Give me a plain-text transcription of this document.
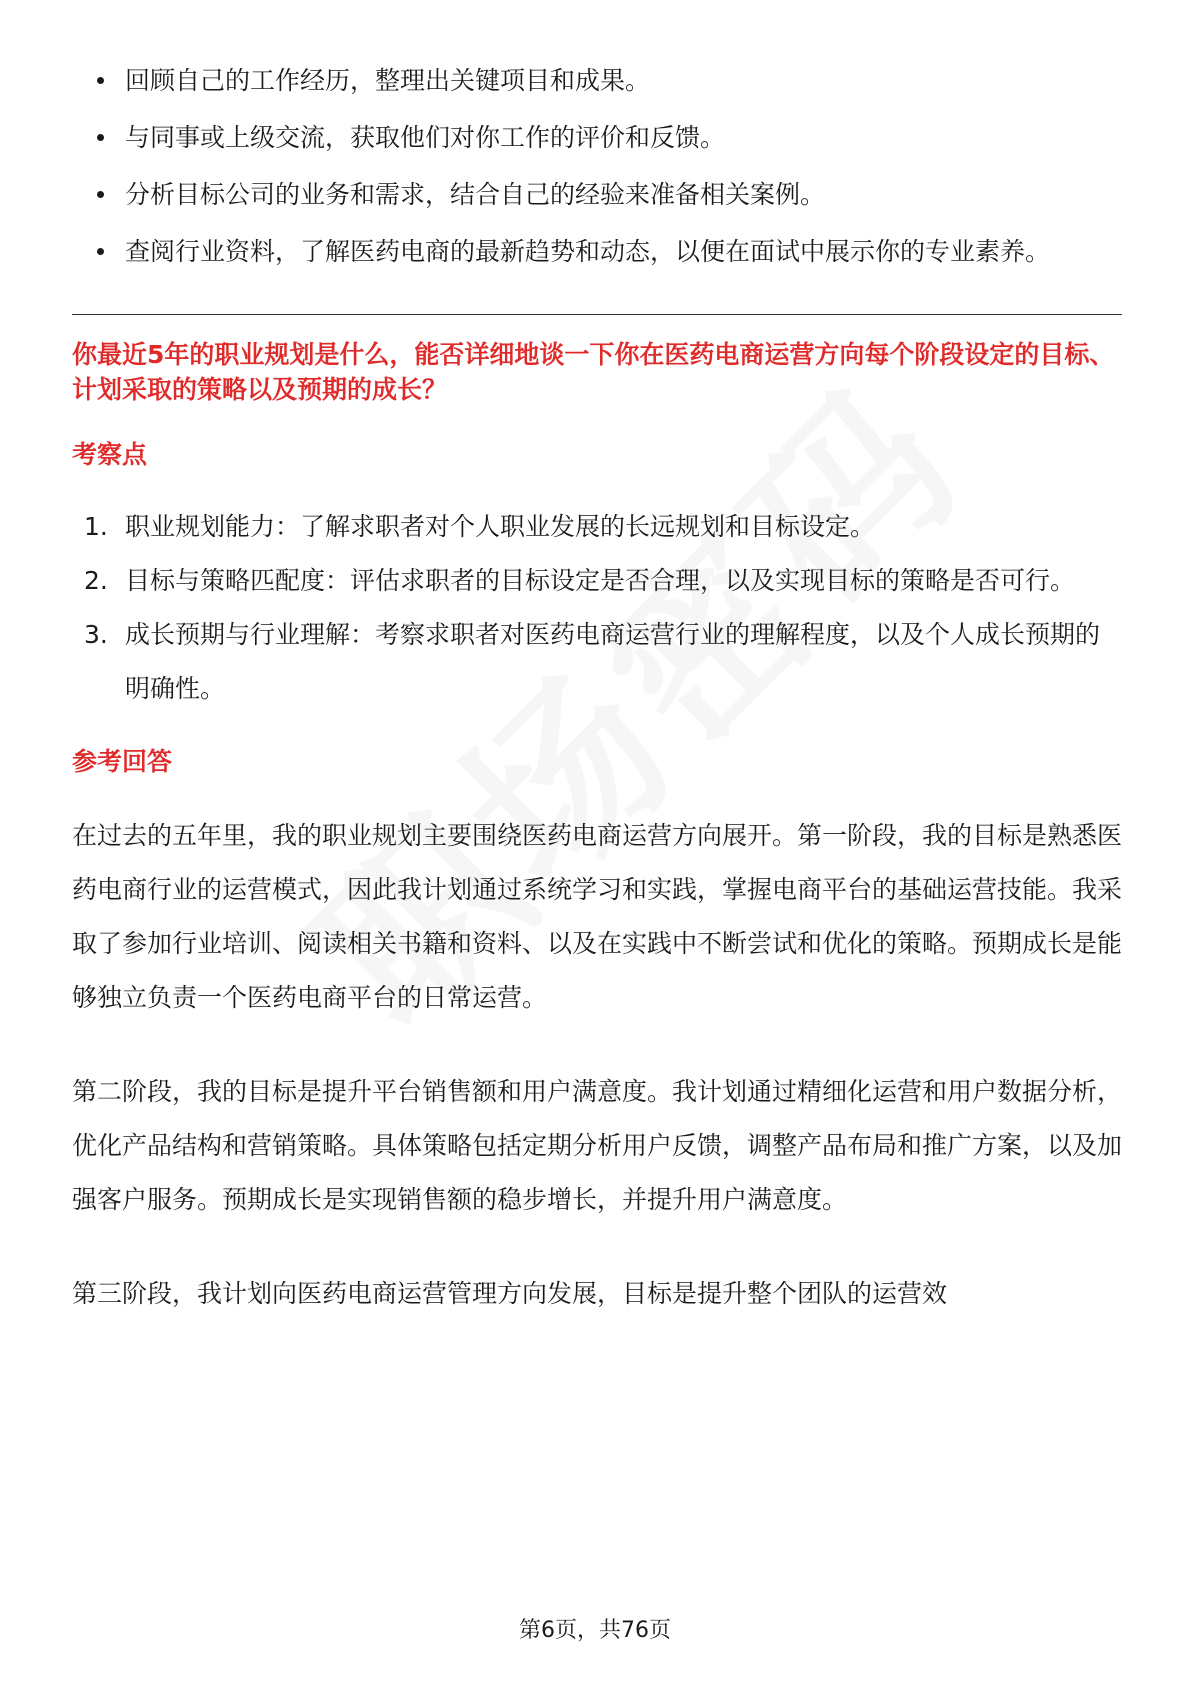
回顾自己的工作经历，整理出关键项目和成果。
与同事或上级交流，获取他们对你工作的评价和反馈。
分析目标公司的业务和需求，结合自己的经验来准备相关案例。
查阅行业资料，了解医药电商的最新趋势和动态，以便在面试中展示你的专业素养。
你最近5年的职业规划是什么，能否详细地谈一下你在医药电商运营方向每个阶段设定的目标、计划采取的策略以及预期的成长？
考察点
1. 职业规划能力：了解求职者对个人职业发展的长远规划和目标设定。
2. 目标与策略匹配度：评估求职者的目标设定是否合理，以及实现目标的策略是否可行。
3. 成长预期与行业理解：考察求职者对医药电商运营行业的理解程度，以及个人成长预期的明确性。
参考回答

在过去的五年里，我的职业规划主要围绕医药电商运营方向展开。第一阶段，我的目标是熟悉医药电商行业的运营模式，因此我计划通过系统学习和实践，掌握电商平台的基础运营技能。我采取了参加行业培训、阅读相关书籍和资料、以及在实践中不断尝试和优化的策略。预期成长是能够独立负责一个医药电商平台的日常运营。

第二阶段，我的目标是提升平台销售额和用户满意度。我计划通过精细化运营和用户数据分析，优化产品结构和营销策略。具体策略包括定期分析用户反馈，调整产品布局和推广方案，以及加强客户服务。预期成长是实现销售额的稳步增长，并提升用户满意度。

第三阶段，我计划向医药电商运营管理方向发展，目标是提升整个团队的运营效

第6页，共76页
